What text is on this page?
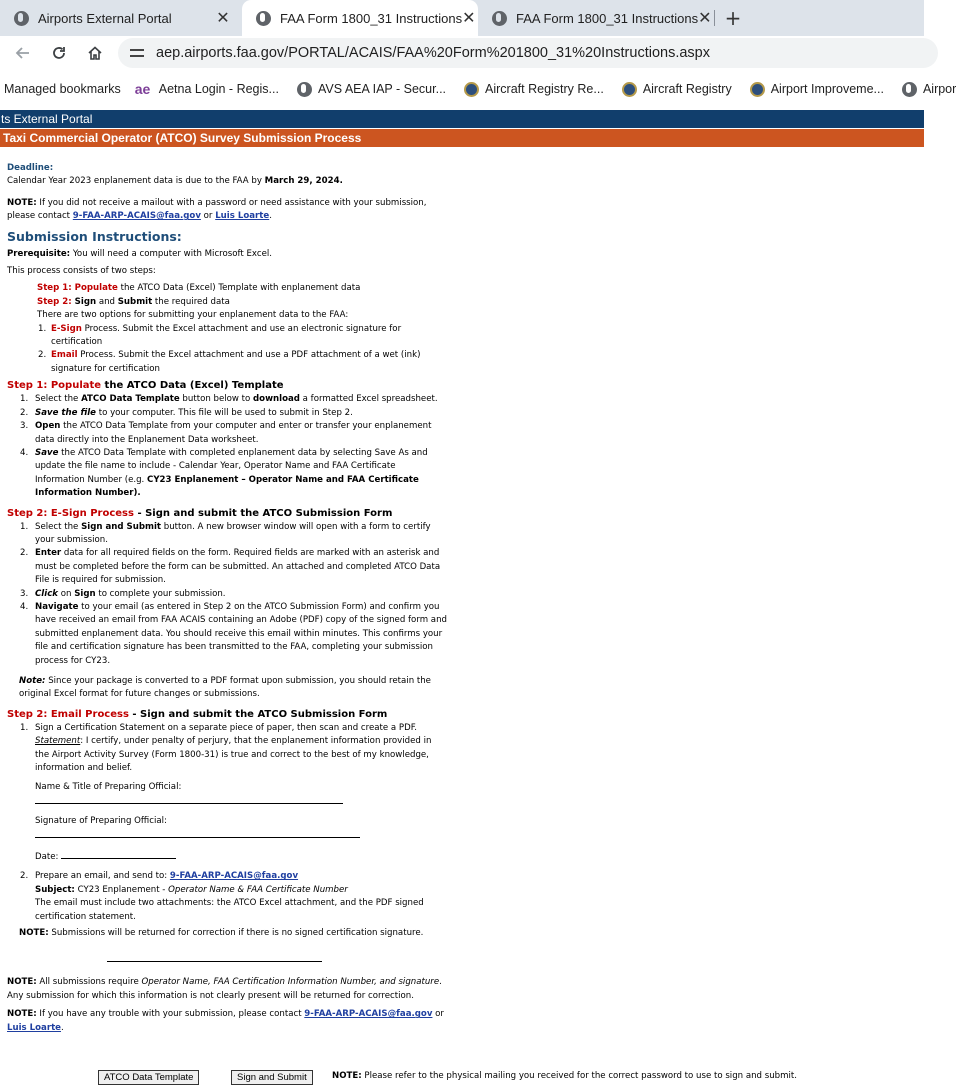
Airports External Portal	✕	FAA Form 1800_31 Instructions ✕	FAA Form 1800_31 Instructions ✕ +
aep.airports.faa.gov/PORTAL/ACAIS/FAA%20Form%201800_31%20Instructions.aspx
Managed bookmarks ae Aetna Login - Regis...	AVS AEA IAP - Secur...	Aircraft Registry Re...	Aircraft Registry	Airport Improveme...	Airpor
ts External Portal
Taxi Commercial Operator (ATCO) Survey Submission Process
Deadline:
Calendar Year 2023 enplanement data is due to the FAA by March 29, 2024.
NOTE: If you did not receive a mailout with a password or need assistance with your submission, please contact 9-FAA-ARP-ACAIS@faa.gov or Luis Loarte.
Submission Instructions:
Prerequisite: You will need a computer with Microsoft Excel.
This process consists of two steps:
Step 1: Populate the ATCO Data (Excel) Template with enplanement data
Step 2: Sign and Submit the required data
There are two options for submitting your enplanement data to the FAA:
1. E-Sign Process. Submit the Excel attachment and use an electronic signature for certification
2. Email Process. Submit the Excel attachment and use a PDF attachment of a wet (ink) signature for certification
Step 1: Populate the ATCO Data (Excel) Template
1. Select the ATCO Data Template button below to download a formatted Excel spreadsheet.
2. Save the file to your computer. This file will be used to submit in Step 2.
3. Open the ATCO Data Template from your computer and enter or transfer your enplanement data directly into the Enplanement Data worksheet.
4. Save the ATCO Data Template with completed enplanement data by selecting Save As and update the file name to include - Calendar Year, Operator Name and FAA Certificate Information Number (e.g. CY23 Enplanement – Operator Name and FAA Certificate Information Number).
Step 2: E-Sign Process - Sign and submit the ATCO Submission Form
1. Select the Sign and Submit button. A new browser window will open with a form to certify your submission.
2. Enter data for all required fields on the form. Required fields are marked with an asterisk and must be completed before the form can be submitted. An attached and completed ATCO Data File is required for submission.
3. Click on Sign to complete your submission.
4. Navigate to your email (as entered in Step 2 on the ATCO Submission Form) and confirm you have received an email from FAA ACAIS containing an Adobe (PDF) copy of the signed form and submitted enplanement data. You should receive this email within minutes. This confirms your file and certification signature has been transmitted to the FAA, completing your submission process for CY23.
Note: Since your package is converted to a PDF format upon submission, you should retain the original Excel format for future changes or submissions.
Step 2: Email Process - Sign and submit the ATCO Submission Form
1. Sign a Certification Statement on a separate piece of paper, then scan and create a PDF.
Statement: I certify, under penalty of perjury, that the enplanement information provided in the Airport Activity Survey (Form 1800-31) is true and correct to the best of my knowledge, information and belief.
Name & Title of Preparing Official:
Signature of Preparing Official:
Date:
2. Prepare an email, and send to: 9-FAA-ARP-ACAIS@faa.gov
Subject: CY23 Enplanement - Operator Name & FAA Certificate Number
The email must include two attachments: the ATCO Excel attachment, and the PDF signed certification statement.
NOTE: Submissions will be returned for correction if there is no signed certification signature.
NOTE: All submissions require Operator Name, FAA Certification Information Number, and signature. Any submission for which this information is not clearly present will be returned for correction.
NOTE: If you have any trouble with your submission, please contact 9-FAA-ARP-ACAIS@faa.gov or Luis Loarte.
ATCO Data Template	Sign and Submit	NOTE: Please refer to the physical mailing you received for the correct password to use to sign and submit.
